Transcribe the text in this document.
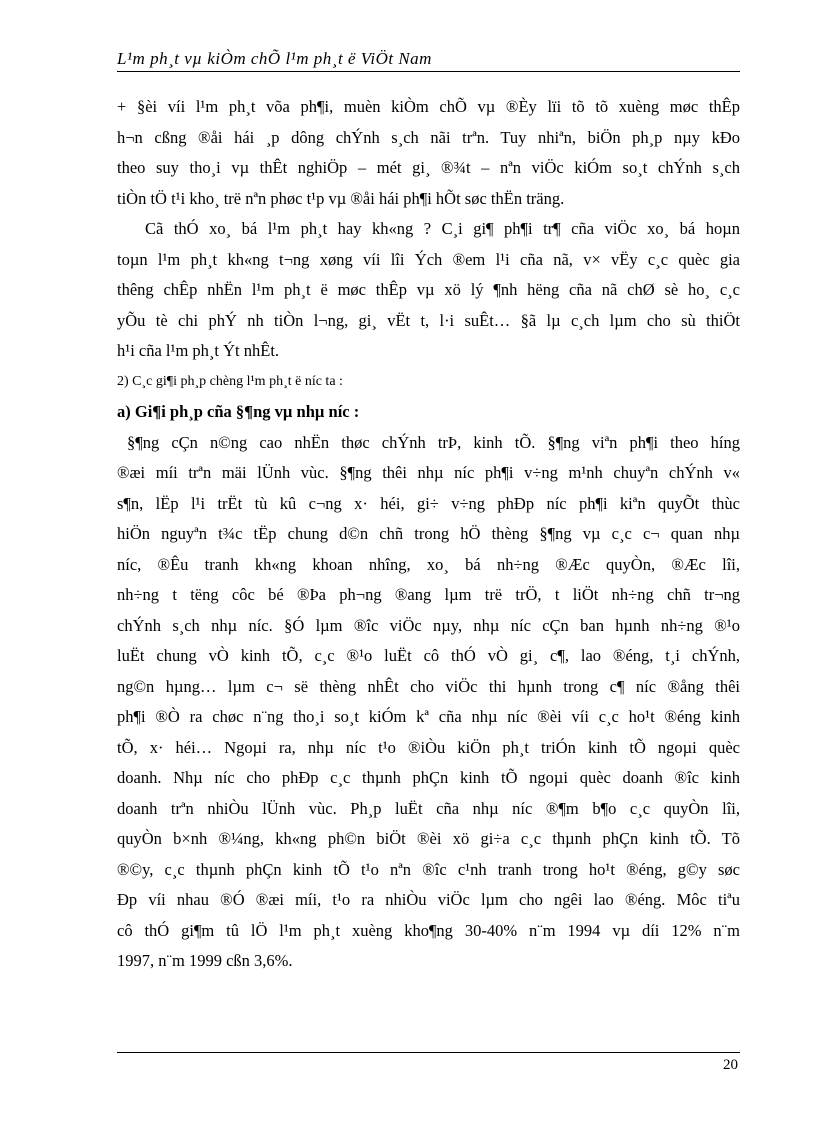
L¹m ph¸t vµ kiÒm chÕ l¹m ph¸t ë ViÖt Nam
+ §èi víi l¹m ph¸t võa ph¶i, muèn kiÒm chÕ vµ ®Èy lïi tõ tõ xuèng møc thÊp
h¬n cßng ®åi hái ¸p dông chÝnh s¸ch nãi trªn. Tuy nhiªn, biÖn ph¸p nµy kÐo
theo suy tho¸i vµ thÊt nghiÖp – mét gi¸ ®¾t – nªn viÖc kiÓm so¸t chÝnh s¸ch
tiÒn tÖ t¹i kho¸ trë nªn phøc t¹p vµ ®åi hái ph¶i hÕt søc thËn träng.
Cã thÓ xo¸ bá l¹m ph¸t hay kh«ng ? C¸i gi¶ ph¶i tr¶ cña viÖc xo¸ bá hoµn
toµn l¹m ph¸t kh«ng t¬ng xøng víi lîi Ých ®em l¹i cña nã, v× vËy c¸c quèc gia
thêng chÊp nhËn l¹m ph¸t ë møc thÊp vµ xö lý ¶nh hëng cña nã chØ sè ho¸ c¸c
yÕu tè chi phÝ nh tiÒn l¬ng, gi¸ vËt t, l·i suÊt… §ã lµ c¸ch lµm cho sù thiÖt
h¹i cña l¹m ph¸t Ýt nhÊt.
2) C¸c gi¶i ph¸p chèng l¹m ph¸t ë níc ta :
a) Gi¶i ph¸p cña §¶ng vµ nhµ níc :
§¶ng cÇn n©ng cao nhËn thøc chÝnh trÞ, kinh tÕ. §¶ng viªn ph¶i theo híng
®æi míi trªn mäi lÜnh vùc. §¶ng thêi nhµ níc ph¶i v÷ng m¹nh chuyªn chÝnh v«
s¶n, lËp l¹i trËt tù kû c¬ng x· héi, gi÷ v÷ng phÐp níc ph¶i kiªn quyÕt thùc
hiÖn nguyªn t¾c tËp chung d©n chñ trong hÖ thèng §¶ng vµ c¸c c¬ quan nhµ
níc, ®Êu tranh kh«ng khoan nhîng, xo¸ bá nh÷ng ®Æc quyÒn, ®Æc lîi,
nh÷ng t tëng côc bé ®Þa ph¬ng ®ang lµm trë trÖ, t liÖt nh÷ng chñ tr¬ng
chÝnh s¸ch nhµ níc. §Ó lµm ®îc viÖc nµy, nhµ níc cÇn ban hµnh nh÷ng ®¹o
luËt chung vÒ kinh tÕ, c¸c ®¹o luËt cô thÓ vÒ gi¸ c¶, lao ®éng, t¸i chÝnh,
ng©n hµng… lµm c¬ së thèng nhÊt cho viÖc thi hµnh trong c¶ níc ®ång thêi
ph¶i ®Ò ra chøc n¨ng tho¸i so¸t kiÓm kª cña nhµ níc ®èi víi c¸c ho¹t ®éng kinh
tÕ, x· héi… Ngoµi ra, nhµ níc t¹o ®iÒu kiÖn ph¸t triÓn kinh tÕ ngoµi quèc
doanh. Nhµ níc cho phÐp c¸c thµnh phÇn kinh tÕ ngoµi quèc doanh ®îc kinh
doanh trªn nhiÒu lÜnh vùc. Ph¸p luËt cña nhµ níc ®¶m b¶o c¸c quyÒn lîi,
quyÒn b×nh ®¼ng, kh«ng ph©n biÖt ®èi xö gi÷a c¸c thµnh phÇn kinh tÕ. Tõ
®©y, c¸c thµnh phÇn kinh tÕ t¹o nªn ®îc c¹nh tranh trong ho¹t ®éng, g©y søc
Ðp víi nhau ®Ó ®æi míi, t¹o ra nhiÒu viÖc lµm cho ngêi lao ®éng. Môc tiªu
cô thÓ gi¶m tû lÖ l¹m ph¸t xuèng kho¶ng 30-40% n¨m 1994 vµ díi 12% n¨m
1997, n¨m 1999 cßn 3,6%.
20
